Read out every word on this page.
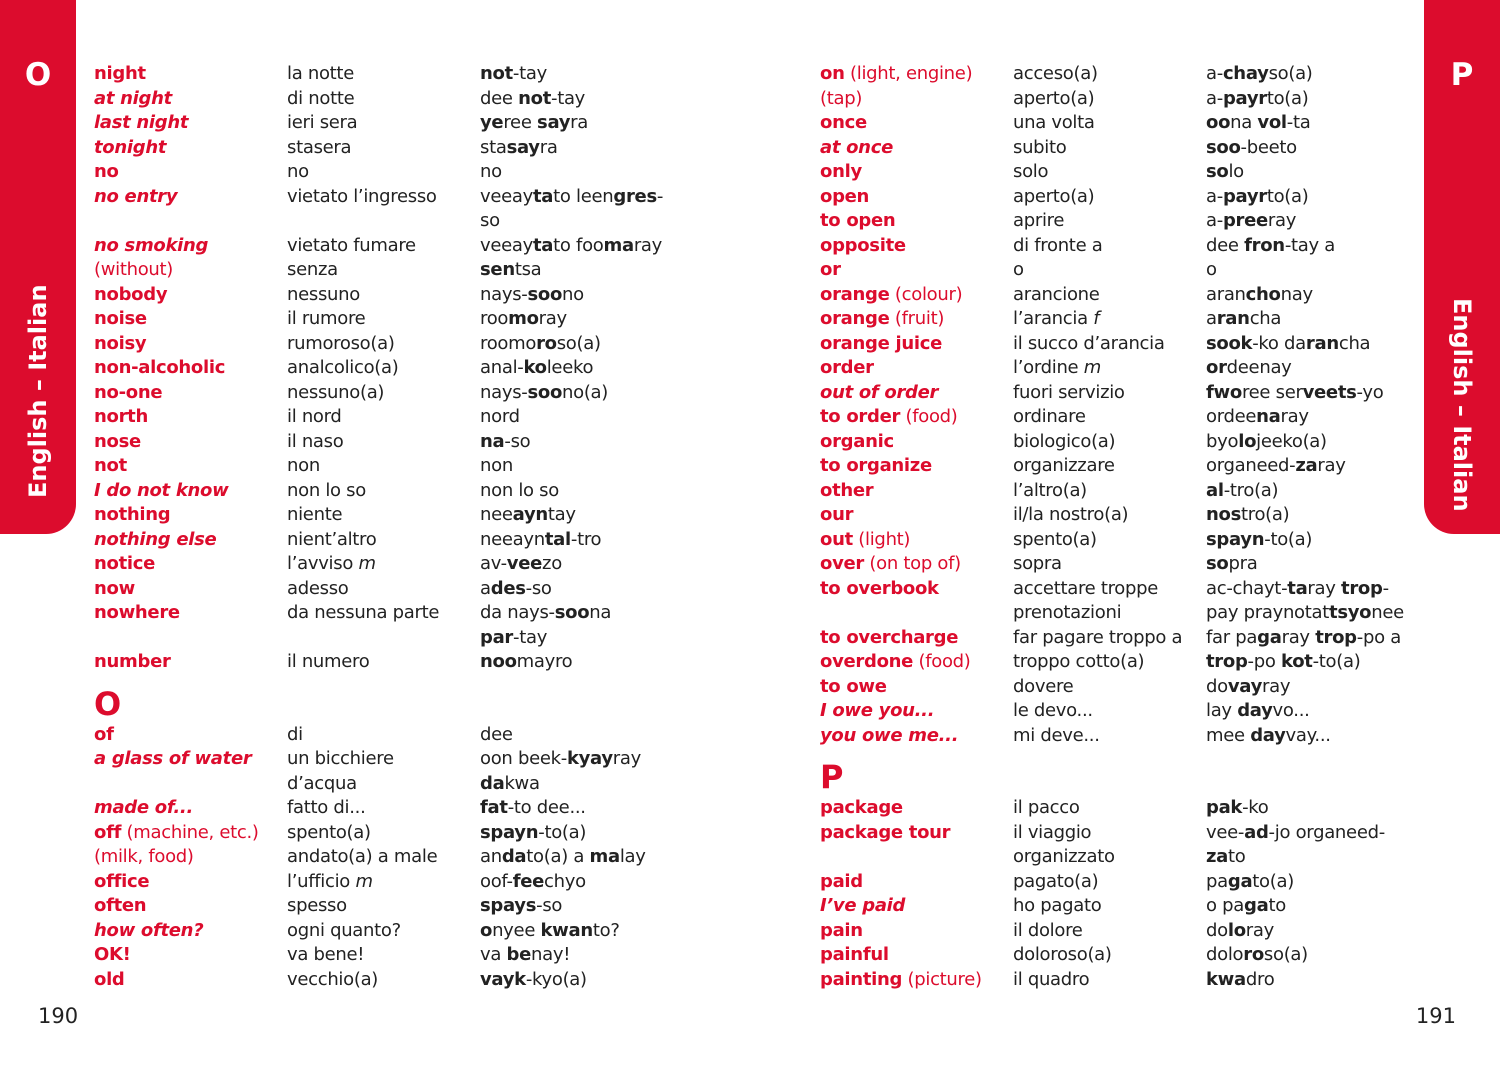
O
English – Italian
P
English – Italian
night
at night
last night
tonight
no
no entry

no smoking
(without)
nobody
noise
noisy
non-alcoholic
no-one
north
nose
not
I do not know
nothing
nothing else
notice
now
nowhere

number
O
of
a glass of water

made of...
off (machine, etc.)
(milk, food)
office
often
how often?
OK!
old
la notte
di notte
ieri sera
stasera
no
vietato l’ingresso

vietato fumare
senza
nessuno
il rumore
rumoroso(a)
analcolico(a)
nessuno(a)
il nord
il naso
non
non lo so
niente
nient’altro
l’avviso m
adesso
da nessuna parte

il numero
di
un bicchiere
d’acqua
fatto di...
spento(a)
andato(a) a male
l’ufficio m
spesso
ogni quanto?
va bene!
vecchio(a)
not-tay
dee not-tay
yeree sayra
stasayra
no
veeaytato leengres-
so
veeaytato foomaray
sentsa
nays-soono
roomoray
roomoroso(a)
anal-koleeko
nays-soono(a)
nord
na-so
non
non lo so
neeayntay
neeayntal-tro
av-veezo
ades-so
da nays-soona
par-tay
noomayro
dee
oon beek-kyayray
dakwa
fat-to dee...
spayn-to(a)
andato(a) a malay
oof-feechyo
spays-so
onyee kwanto?
va benay!
vayk-kyo(a)
on (light, engine)
(tap)
once
at once
only
open
to open
opposite
or
orange (colour)
orange (fruit)
orange juice
order
out of order
to order (food)
organic
to organize
other
our
out (light)
over (on top of)
to overbook

to overcharge
overdone (food)
to owe
I owe you...
you owe me...
P
package
package tour

paid
I’ve paid
pain
painful
painting (picture)
acceso(a)
aperto(a)
una volta
subito
solo
aperto(a)
aprire
di fronte a
o
arancione
l’arancia f
il succo d’arancia
l’ordine m
fuori servizio
ordinare
biologico(a)
organizzare
l’altro(a)
il/la nostro(a)
spento(a)
sopra
accettare troppe
prenotazioni
far pagare troppo a
troppo cotto(a)
dovere
le devo...
mi deve...
il pacco
il viaggio
organizzato
pagato(a)
ho pagato
il dolore
doloroso(a)
il quadro
a-chayso(a)
a-payrto(a)
oona vol-ta
soo-beeto
solo
a-payrto(a)
a-preeray
dee fron-tay a
o
aranchonay
arancha
sook-ko darancha
ordeenay
fworee serveets-yo
ordeenaray
byolojeeko(a)
organeed-zaray
al-tro(a)
nostro(a)
spayn-to(a)
sopra
ac-chayt-taray trop-
pay praynotattsyonee
far pagaray trop-po a
trop-po kot-to(a)
dovayray
lay dayvo...
mee dayvay...
pak-ko
vee-ad-jo organeed-
zato
pagato(a)
o pagato
doloray
doloroso(a)
kwadro
190	191
